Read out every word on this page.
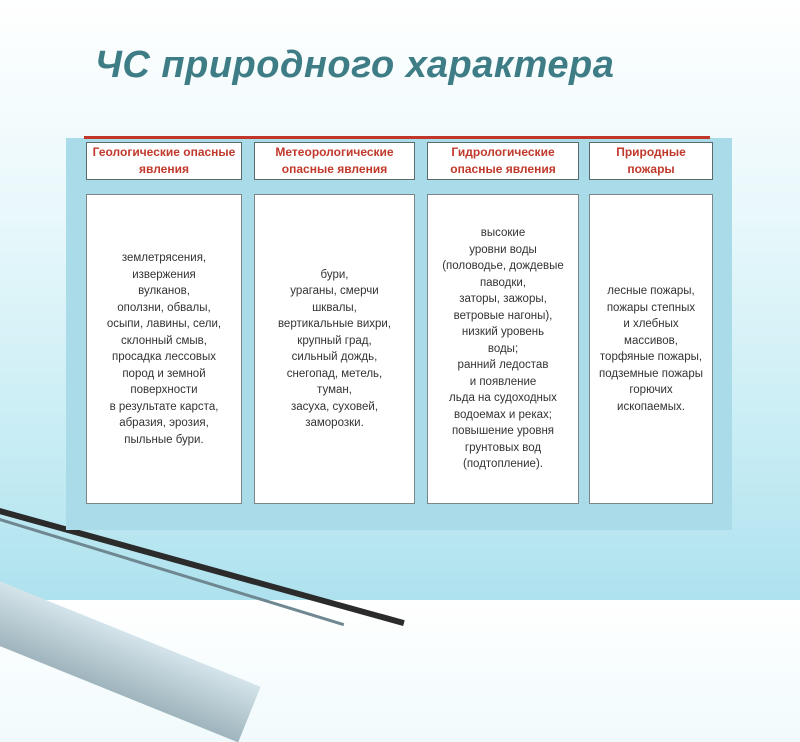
ЧС природного характера
Геологические опасные явления
Метеорологические опасные явления
Гидрологические опасные явления
Природные пожары
землетрясения,
извержения
вулканов,
оползни, обвалы,
осыпи, лавины, сели,
склонный смыв,
просадка лессовых
пород и земной
поверхности
в результате карста,
абразия, эрозия,
пыльные бури.
бури,
ураганы, смерчи
шквалы,
вертикальные вихри,
крупный град,
сильный дождь,
снегопад, метель,
туман,
засуха, суховей,
заморозки.
высокие
уровни воды
(половодье, дождевые
паводки,
заторы, зажоры,
ветровые нагоны),
низкий уровень
воды;
ранний ледостав
и появление
льда на судоходных
водоемах и реках;
повышение уровня
грунтовых вод
(подтопление).
лесные пожары,
пожары степных
и хлебных
массивов,
торфяные пожары,
подземные пожары
горючих
ископаемых.
